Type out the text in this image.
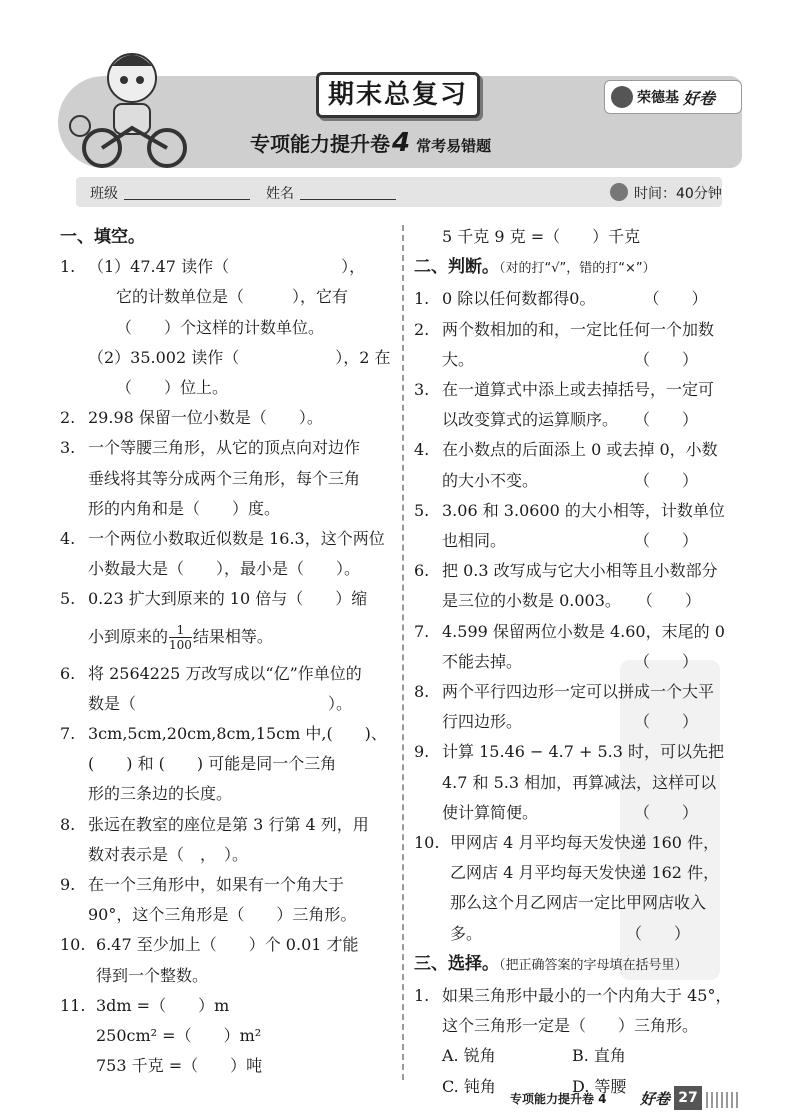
期末总复习	荣德基 好卷
专项能力提升卷4 常考易错题
班级	姓名	时间：40分钟
一、填空。
1. （1）47.47 读作（　　　　　　　），
它的计数单位是（　　　），它有
（　　）个这样的计数单位。
（2）35.002 读作（　　　　　　），2 在
（　　）位上。
2. 29.98 保留一位小数是（　　）。
3. 一个等腰三角形，从它的顶点向对边作
垂线将其等分成两个三角形，每个三角
形的内角和是（　　）度。
4. 一个两位小数取近似数是 16.3，这个两位
小数最大是（　　），最小是（　　）。
5. 0.23 扩大到原来的 10 倍与（　　）缩
小到原来的 $\frac{1}{100}$ 结果相等。
6. 将 2564225 万改写成以“亿”作单位的
数是（　　　　　　　　　　　　）。
7. 3cm,5cm,20cm,8cm,15cm 中,(　　)、
(　　) 和 (　　) 可能是同一个三角
形的三条边的长度。
8. 张远在教室的座位是第 3 行第 4 列，用
数对表示是（　，　）。
9. 在一个三角形中，如果有一个角大于
90°，这个三角形是（　　）三角形。
10. 6.47 至少加上（　　）个 0.01 才能
得到一个整数。
11. 3dm =（　　）m
250cm² =（　　）m²
753 千克 =（　　）吨
5 千克 9 克 =（　　）千克
二、判断。（对的打“√”，错的打“×”）
1. 0 除以任何数都得0。　　　　（　　）
2. 两个数相加的和，一定比任何一个加数
大。　　　　　　　　　　　（　　）
3. 在一道算式中添上或去掉括号，一定可
以改变算式的运算顺序。　　（　　）
4. 在小数点的后面添上 0 或去掉 0，小数
的大小不变。　　　　　　　（　　）
5. 3.06 和 3.0600 的大小相等，计数单位
也相同。　　　　　　　　　（　　）
6. 把 0.3 改写成与它大小相等且小数部分
是三位的小数是 0.003。　　（　　）
7. 4.599 保留两位小数是 4.60，末尾的 0
不能去掉。　　　　　　　　（　　）
8. 两个平行四边形一定可以拼成一个大平
行四边形。　　　　　　　　（　　）
9. 计算 15.46 − 4.7 + 5.3 时，可以先把
4.7 和 5.3 相加，再算减法，这样可以
使计算简便。　　　　　　　（　　）
10. 甲网店 4 月平均每天发快递 160 件，
乙网店 4 月平均每天发快递 162 件，
那么这个月乙网店一定比甲网店收入
多。　　　　　　　　　　（　　）
三、选择。（把正确答案的字母填在括号里）
1. 如果三角形中最小的一个内角大于 45°，
这个三角形一定是（　　）三角形。
A. 锐角	B. 直角
C. 钝角	D. 等腰
专项能力提升卷 4 好卷 27
